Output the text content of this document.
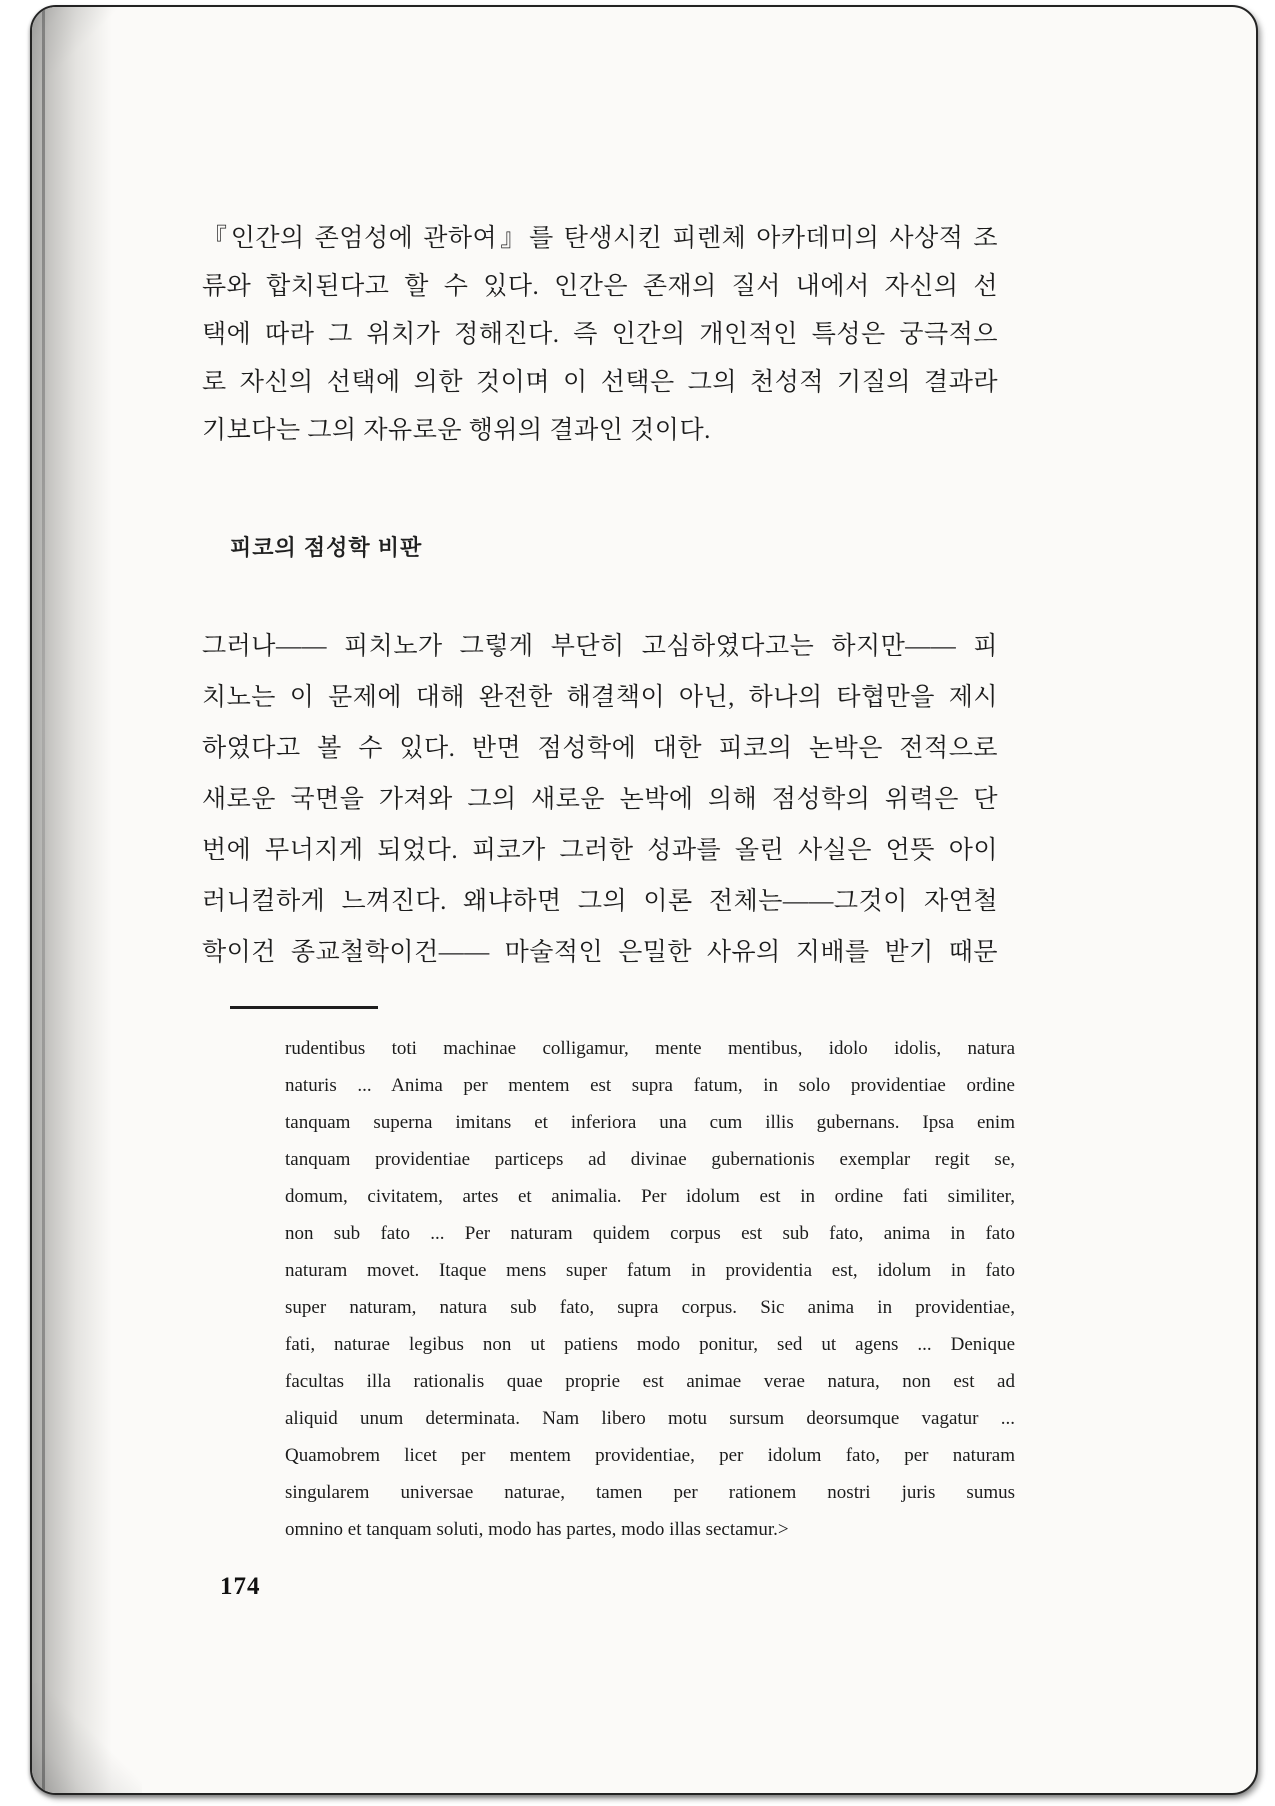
『인간의 존엄성에 관하여』를 탄생시킨 피렌체 아카데미의 사상적 조
류와 합치된다고 할 수 있다. 인간은 존재의 질서 내에서 자신의 선
택에 따라 그 위치가 정해진다. 즉 인간의 개인적인 특성은 궁극적으
로 자신의 선택에 의한 것이며 이 선택은 그의 천성적 기질의 결과라
기보다는 그의 자유로운 행위의 결과인 것이다.
피코의 점성학 비판
그러나—— 피치노가 그렇게 부단히 고심하였다고는 하지만—— 피
치노는 이 문제에 대해 완전한 해결책이 아닌, 하나의 타협만을 제시
하였다고 볼 수 있다. 반면 점성학에 대한 피코의 논박은 전적으로
새로운 국면을 가져와 그의 새로운 논박에 의해 점성학의 위력은 단
번에 무너지게 되었다. 피코가 그러한 성과를 올린 사실은 언뜻 아이
러니컬하게 느껴진다. 왜냐하면 그의 이론 전체는——그것이 자연철
학이건 종교철학이건—— 마술적인 은밀한 사유의 지배를 받기 때문
rudentibus toti machinae colligamur, mente mentibus, idolo idolis, natura
naturis ... Anima per mentem est supra fatum, in solo providentiae ordine
tanquam superna imitans et inferiora una cum illis gubernans. Ipsa enim
tanquam providentiae particeps ad divinae gubernationis exemplar regit se,
domum, civitatem, artes et animalia. Per idolum est in ordine fati similiter,
non sub fato ... Per naturam quidem corpus est sub fato, anima in fato
naturam movet. Itaque mens super fatum in providentia est, idolum in fato
super naturam, natura sub fato, supra corpus. Sic anima in providentiae,
fati, naturae legibus non ut patiens modo ponitur, sed ut agens ... Denique
facultas illa rationalis quae proprie est animae verae natura, non est ad
aliquid unum determinata. Nam libero motu sursum deorsumque vagatur ...
Quamobrem licet per mentem providentiae, per idolum fato, per naturam
singularem universae naturae, tamen per rationem nostri juris sumus
omnino et tanquam soluti, modo has partes, modo illas sectamur.>
174
